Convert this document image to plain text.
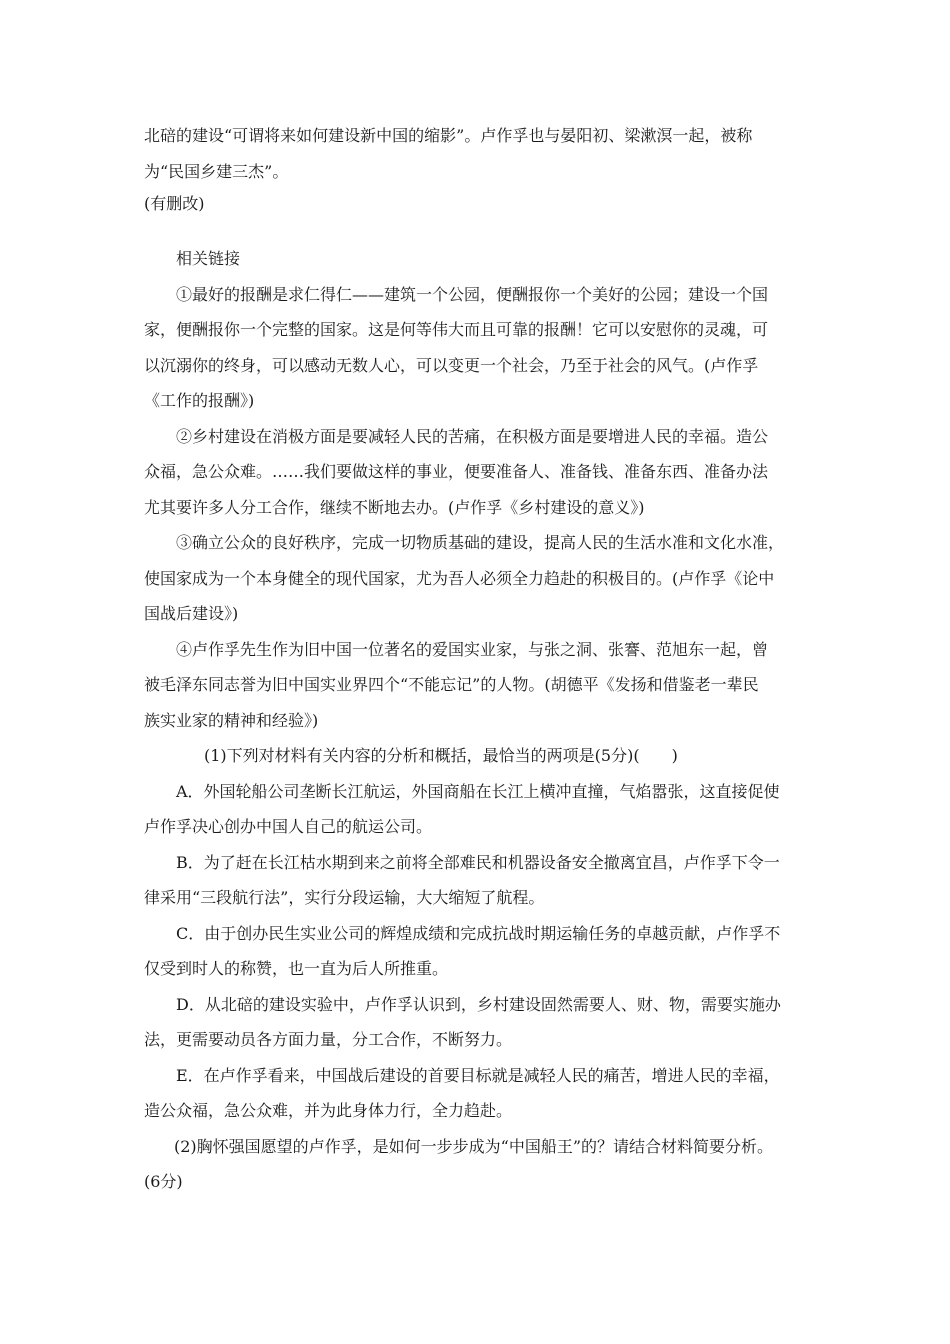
北碚的建设“可谓将来如何建设新中国的缩影”。卢作孚也与晏阳初、梁漱溟一起，被称
为“民国乡建三杰”。
(有删改)
相关链接
①最好的报酬是求仁得仁——建筑一个公园，便酬报你一个美好的公园；建设一个国
家，便酬报你一个完整的国家。这是何等伟大而且可靠的报酬！它可以安慰你的灵魂，可
以沉溺你的终身，可以感动无数人心，可以变更一个社会，乃至于社会的风气。(卢作孚
《工作的报酬》)
②乡村建设在消极方面是要减轻人民的苦痛，在积极方面是要增进人民的幸福。造公
众福，急公众难。……我们要做这样的事业，便要准备人、准备钱、准备东西、准备办法
尤其要许多人分工合作，继续不断地去办。(卢作孚《乡村建设的意义》)
③确立公众的良好秩序，完成一切物质基础的建设，提高人民的生活水准和文化水准，
使国家成为一个本身健全的现代国家，尤为吾人必须全力趋赴的积极目的。(卢作孚《论中
国战后建设》)
④卢作孚先生作为旧中国一位著名的爱国实业家，与张之洞、张謇、范旭东一起，曾
被毛泽东同志誉为旧中国实业界四个“不能忘记”的人物。(胡德平《发扬和借鉴老一辈民
族实业家的精神和经验》)
(1)下列对材料有关内容的分析和概括，最恰当的两项是(5分)(　　)
A．外国轮船公司垄断长江航运，外国商船在长江上横冲直撞，气焰嚣张，这直接促使
卢作孚决心创办中国人自己的航运公司。
B．为了赶在长江枯水期到来之前将全部难民和机器设备安全撤离宜昌，卢作孚下令一
律采用“三段航行法”，实行分段运输，大大缩短了航程。
C．由于创办民生实业公司的辉煌成绩和完成抗战时期运输任务的卓越贡献，卢作孚不
仅受到时人的称赞，也一直为后人所推重。
D．从北碚的建设实验中，卢作孚认识到，乡村建设固然需要人、财、物，需要实施办
法，更需要动员各方面力量，分工合作，不断努力。
E．在卢作孚看来，中国战后建设的首要目标就是减轻人民的痛苦，增进人民的幸福，
造公众福，急公众难，并为此身体力行，全力趋赴。
(2)胸怀强国愿望的卢作孚，是如何一步步成为“中国船王”的？请结合材料简要分析。
(6分)
